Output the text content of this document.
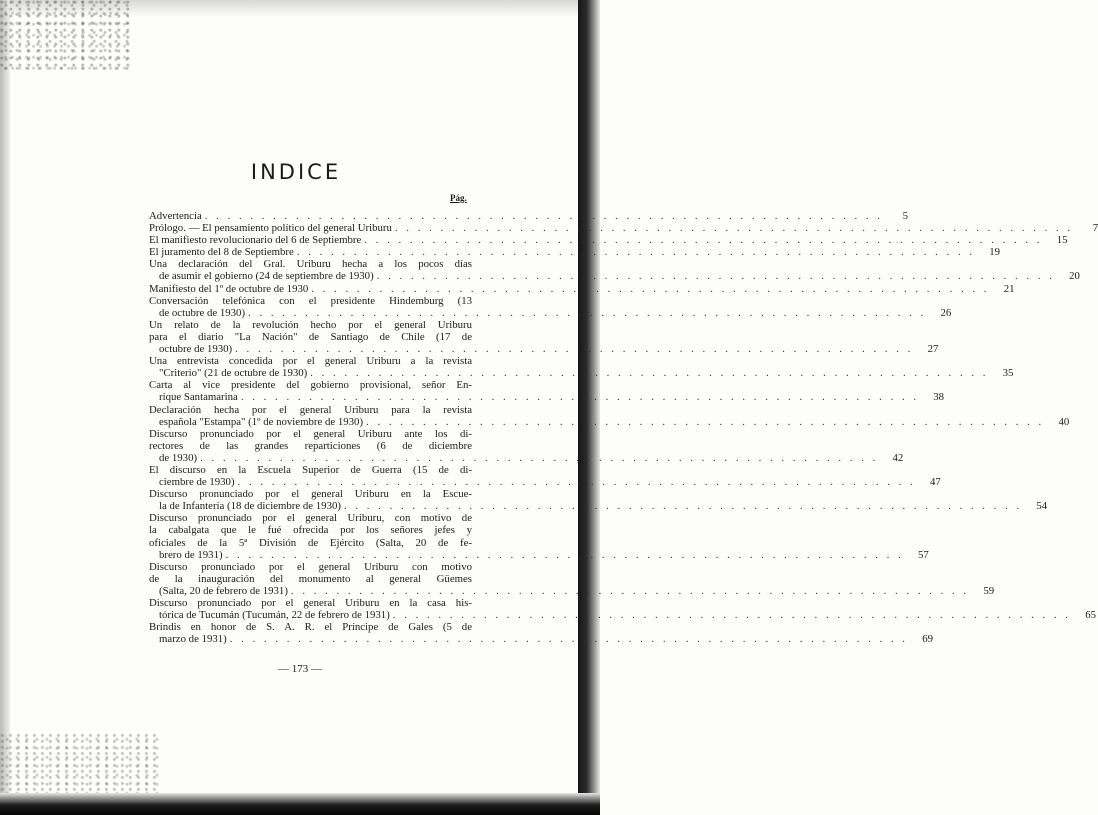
INDICE

Pág.

Advertencia . . . . . . . . . . . . . . . . . . . . . . . . . . . . . . . . . . . . . . . . . . . . . . . . . . . . . . . . . . . .	5
Prólogo. — El pensamiento político del general Uriburu . . . . . . . . . . . . . . . . . . . . . . . . . . . . . . . . . . . . . . . . . . . . . . . . . . . . . . . . . . . .	7
El manifiesto revolucionario del 6 de Septiembre . . . . . . . . . . . . . . . . . . . . . . . . . . . . . . . . . . . . . . . . . . . . . . . . . . . . . . . . . . . .	15
El juramento del 8 de Septiembre . . . . . . . . . . . . . . . . . . . . . . . . . . . . . . . . . . . . . . . . . . . . . . . . . . . . . . . . . . . .	19

Una declaración del Gral. Uriburu hecha a los pocos días

de asumir el gobierno (24 de septiembre de 1930) . . . . . . . . . . . . . . . . . . . . . . . . . . . . . . . . . . . . . . . . . . . . . . . . . . . . . . . . . . . .	20
Manifiesto del 1º de octubre de 1930 . . . . . . . . . . . . . . . . . . . . . . . . . . . . . . . . . . . . . . . . . . . . . . . . . . . . . . . . . . . .	21

Conversación telefónica con el presidente Hindemburg (13

de octubre de 1930) . . . . . . . . . . . . . . . . . . . . . . . . . . . . . . . . . . . . . . . . . . . . . . . . . . . . . . . . . . . .	26

Un relato de la revolución hecho por el general Uriburu

para el diario "La Nación" de Santiago de Chile (17 de

octubre de 1930) . . . . . . . . . . . . . . . . . . . . . . . . . . . . . . . . . . . . . . . . . . . . . . . . . . . . . . . . . . . .	27

Una entrevista concedida por el general Uriburu a la revista

"Criterio" (21 de octubre de 1930) . . . . . . . . . . . . . . . . . . . . . . . . . . . . . . . . . . . . . . . . . . . . . . . . . . . . . . . . . . . .	35

Carta al vice presidente del gobierno provisional, señor En-

rique Santamarina . . . . . . . . . . . . . . . . . . . . . . . . . . . . . . . . . . . . . . . . . . . . . . . . . . . . . . . . . . . .	38

Declaración hecha por el general Uriburu para la revista

española "Estampa" (1º de noviembre de 1930) . . . . . . . . . . . . . . . . . . . . . . . . . . . . . . . . . . . . . . . . . . . . . . . . . . . . . . . . . . . .	40

Discurso pronunciado por el general Uriburu ante los di-

rectores de las grandes reparticiones (6 de diciembre

de 1930) . . . . . . . . . . . . . . . . . . . . . . . . . . . . . . . . . . . . . . . . . . . . . . . . . . . . . . . . . . . .	42

El discurso en la Escuela Superior de Guerra (15 de di-

ciembre de 1930) . . . . . . . . . . . . . . . . . . . . . . . . . . . . . . . . . . . . . . . . . . . . . . . . . . . . . . . . . . . .	47

Discurso pronunciado por el general Uriburu en la Escue-

la de Infantería (18 de diciembre de 1930) . . . . . . . . . . . . . . . . . . . . . . . . . . . . . . . . . . . . . . . . . . . . . . . . . . . . . . . . . . . .	54

Discurso pronunciado por el general Uriburu, con motivo de

la cabalgata que le fué ofrecida por los señores jefes y

oficiales de la 5ª División de Ejército (Salta, 20 de fe-

brero de 1931) . . . . . . . . . . . . . . . . . . . . . . . . . . . . . . . . . . . . . . . . . . . . . . . . . . . . . . . . . . . .	57

Discurso pronunciado por el general Uriburu con motivo

de la inauguración del monumento al general Güemes

(Salta, 20 de febrero de 1931) . . . . . . . . . . . . . . . . . . . . . . . . . . . . . . . . . . . . . . . . . . . . . . . . . . . . . . . . . . . .	59

Discurso pronunciado por el general Uriburu en la casa his-

tórica de Tucumán (Tucumán, 22 de febrero de 1931) . . . . . . . . . . . . . . . . . . . . . . . . . . . . . . . . . . . . . . . . . . . . . . . . . . . . . . . . . . . .	65

Brindis en honor de S. A. R. el Príncipe de Gales (5 de

marzo de 1931) . . . . . . . . . . . . . . . . . . . . . . . . . . . . . . . . . . . . . . . . . . . . . . . . . . . . . . . . . . . .	69

— 173 —
